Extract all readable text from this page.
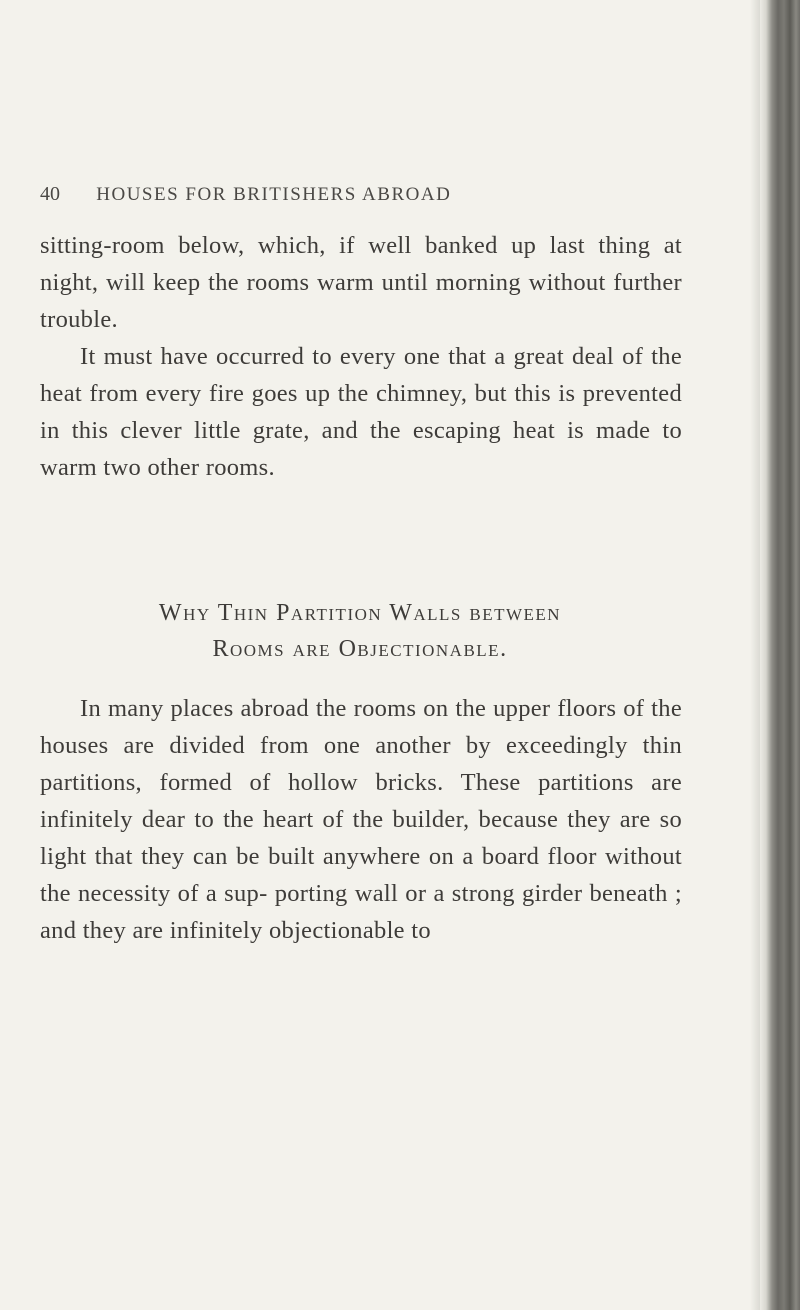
40 HOUSES FOR BRITISHERS ABROAD

sitting-room below, which, if well banked up last thing at night, will keep the rooms warm until morning without further trouble.

It must have occurred to every one that a great deal of the heat from every fire goes up the chimney, but this is prevented in this clever little grate, and the escaping heat is made to warm two other rooms.

Why Thin Partition Walls between
Rooms are Objectionable.

In many places abroad the rooms on the upper floors of the houses are divided from one another by exceedingly thin partitions, formed of hollow bricks. These partitions are infinitely dear to the heart of the builder, because they are so light that they can be built anywhere on a board floor without the necessity of a sup- porting wall or a strong girder beneath ; and they are infinitely objectionable to
